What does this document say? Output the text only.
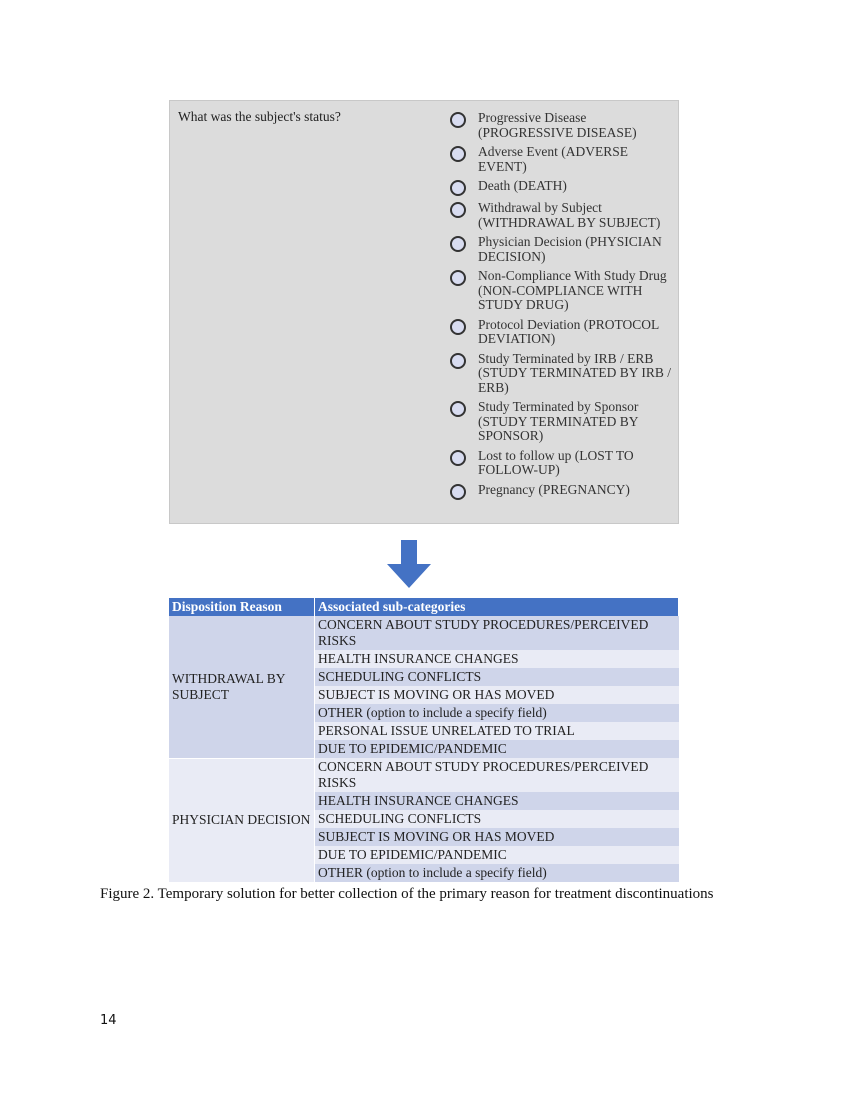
What was the subject's status?	Progressive Disease (PROGRESSIVE DISEASE)
Adverse Event (ADVERSE EVENT)
Death (DEATH)
Withdrawal by Subject (WITHDRAWAL BY SUBJECT)
Physician Decision (PHYSICIAN DECISION)
Non-Compliance With Study Drug (NON-COMPLIANCE WITH STUDY DRUG)
Protocol Deviation (PROTOCOL DEVIATION)
Study Terminated by IRB / ERB (STUDY TERMINATED BY IRB / ERB)
Study Terminated by Sponsor (STUDY TERMINATED BY SPONSOR)
Lost to follow up (LOST TO FOLLOW-UP)
Pregnancy (PREGNANCY)
Disposition Reason	Associated sub-categories
WITHDRAWAL BY SUBJECT	CONCERN ABOUT STUDY PROCEDURES/PERCEIVED RISKS
	HEALTH INSURANCE CHANGES
	SCHEDULING CONFLICTS
	SUBJECT IS MOVING OR HAS MOVED
	OTHER (option to include a specify field)
	PERSONAL ISSUE UNRELATED TO TRIAL
	DUE TO EPIDEMIC/PANDEMIC
PHYSICIAN DECISION	CONCERN ABOUT STUDY PROCEDURES/PERCEIVED RISKS
	HEALTH INSURANCE CHANGES
	SCHEDULING CONFLICTS
	SUBJECT IS MOVING OR HAS MOVED
	DUE TO EPIDEMIC/PANDEMIC
	OTHER (option to include a specify field)
Figure 2. Temporary solution for better collection of the primary reason for treatment discontinuations
14
